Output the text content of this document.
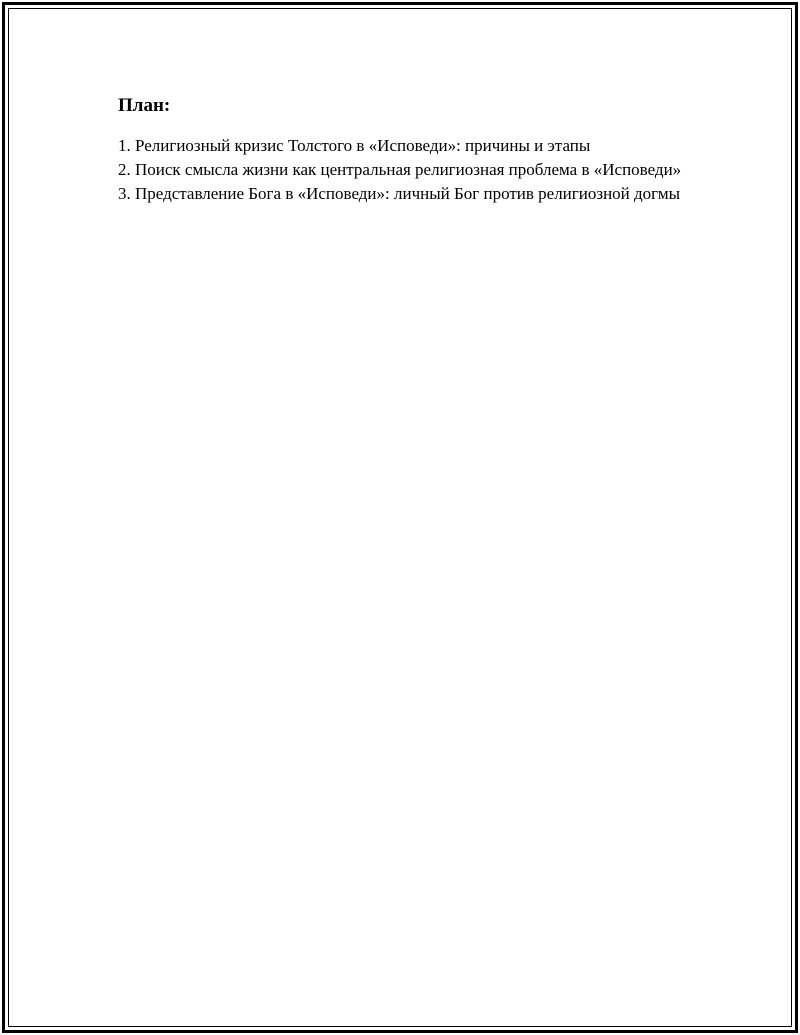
План:
1. Религиозный кризис Толстого в «Исповеди»: причины и этапы
2. Поиск смысла жизни как центральная религиозная проблема в «Исповеди»
3. Представление Бога в «Исповеди»: личный Бог против религиозной догмы
